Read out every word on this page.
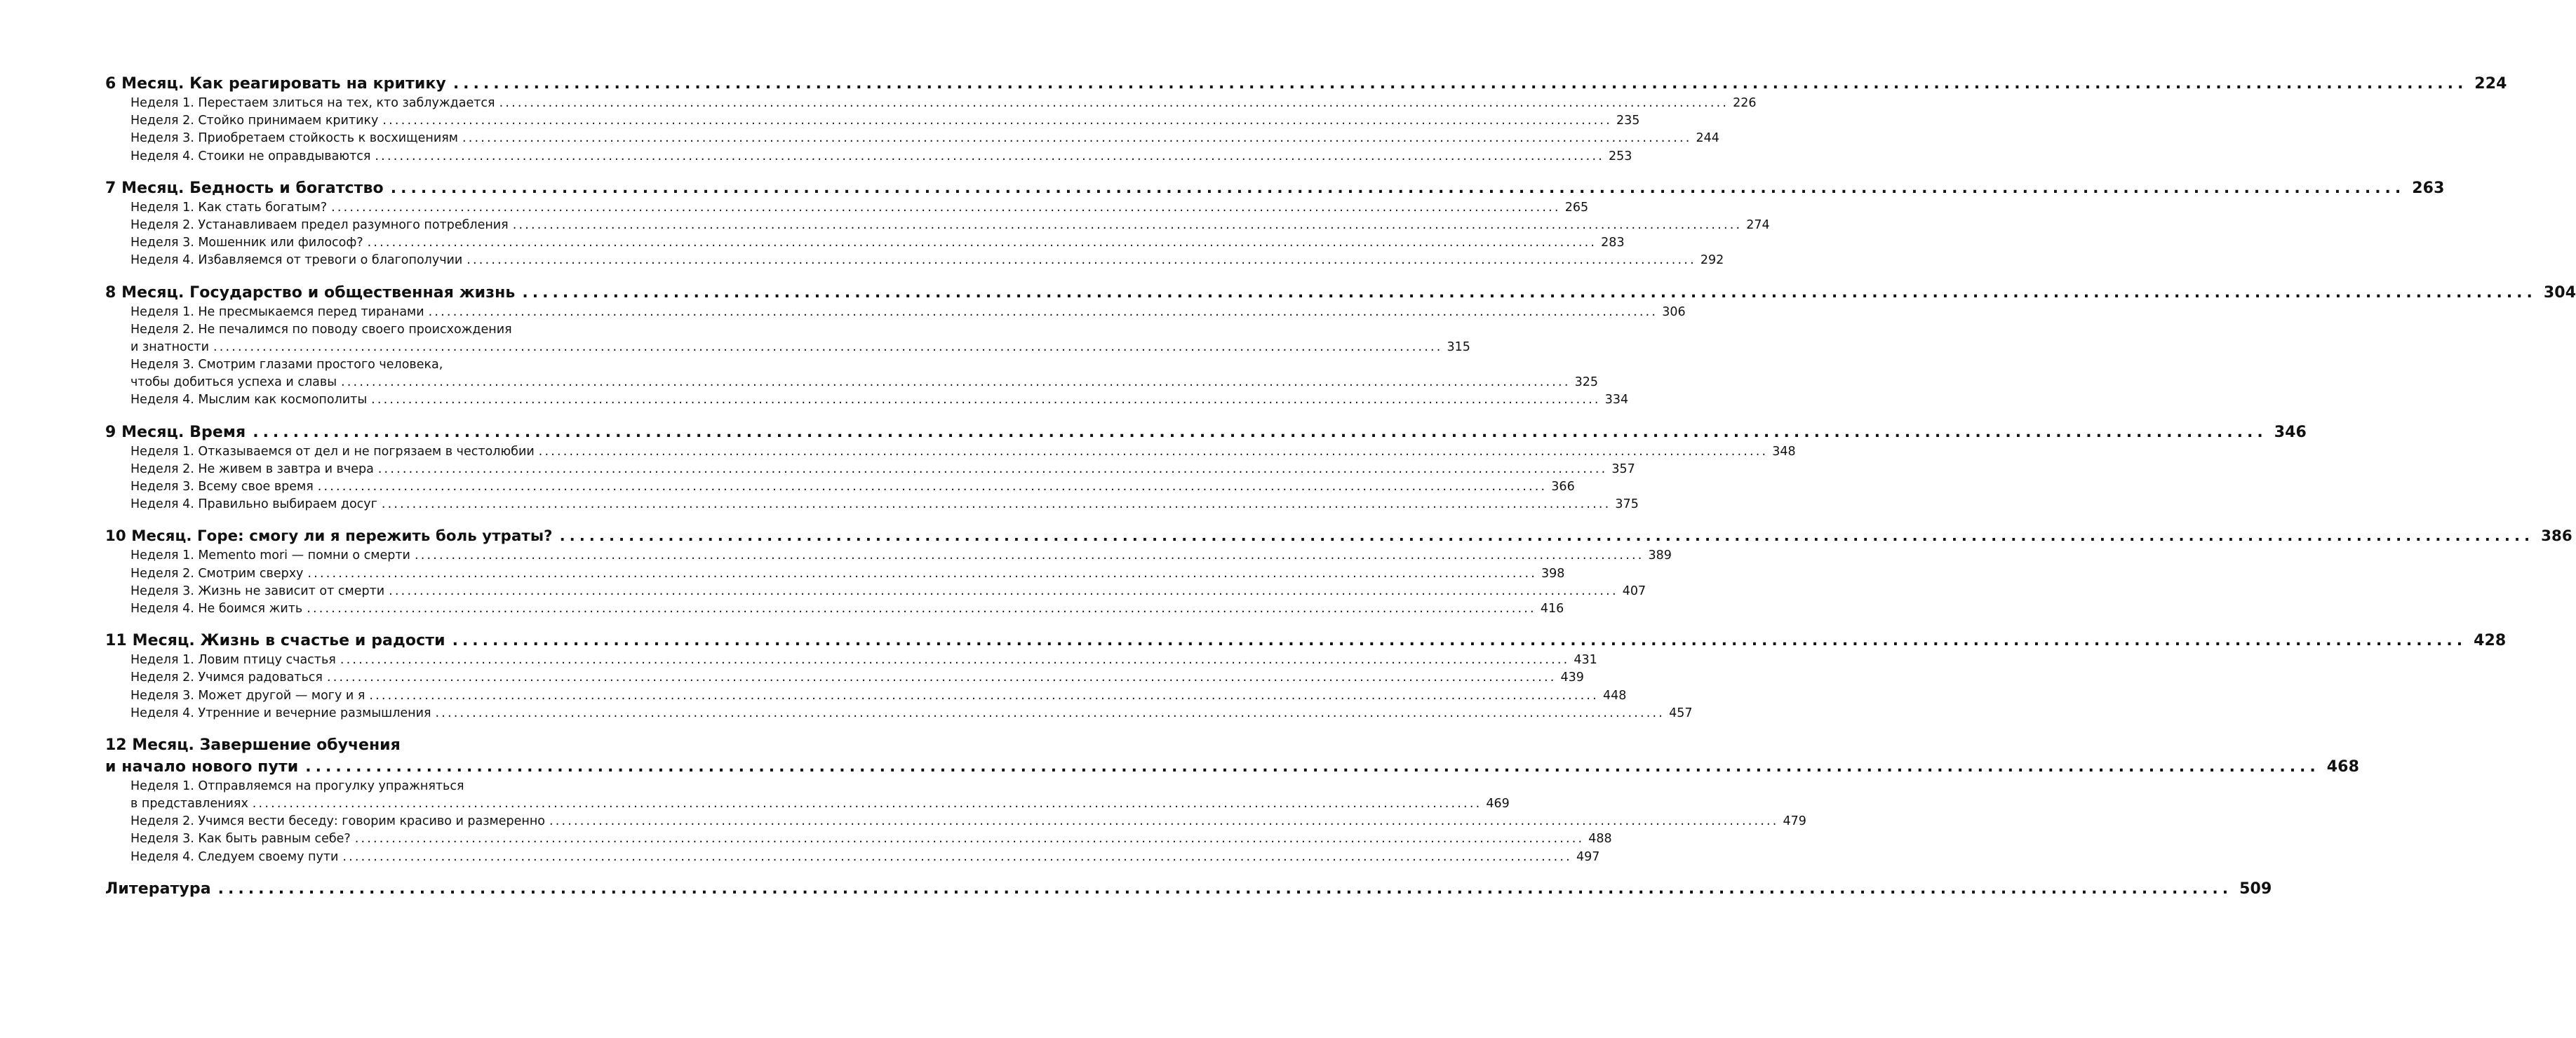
6 Месяц. Как реагировать на критику ........................................................................................................................................................................................................ 224
Неделя 1. Перестаем злиться на тех, кто заблуждается ........................................................................................................................................................................................................ 226
Неделя 2. Стойко принимаем критику ........................................................................................................................................................................................................ 235
Неделя 3. Приобретаем стойкость к восхищениям ........................................................................................................................................................................................................ 244
Неделя 4. Стоики не оправдываются ........................................................................................................................................................................................................ 253
7 Месяц. Бедность и богатство ........................................................................................................................................................................................................ 263
Неделя 1. Как стать богатым? ........................................................................................................................................................................................................ 265
Неделя 2. Устанавливаем предел разумного потребления ........................................................................................................................................................................................................ 274
Неделя 3. Мошенник или философ? ........................................................................................................................................................................................................ 283
Неделя 4. Избавляемся от тревоги о благополучии ........................................................................................................................................................................................................ 292
8 Месяц. Государство и общественная жизнь ........................................................................................................................................................................................................ 304
Неделя 1. Не пресмыкаемся перед тиранами ........................................................................................................................................................................................................ 306
Неделя 2. Не печалимся по поводу своего происхождения
и знатности ........................................................................................................................................................................................................ 315
Неделя 3. Смотрим глазами простого человека,
чтобы добиться успеха и славы ........................................................................................................................................................................................................ 325
Неделя 4. Мыслим как космополиты ........................................................................................................................................................................................................ 334
9 Месяц. Время ........................................................................................................................................................................................................ 346
Неделя 1. Отказываемся от дел и не погрязаем в честолюбии ........................................................................................................................................................................................................ 348
Неделя 2. Не живем в завтра и вчера ........................................................................................................................................................................................................ 357
Неделя 3. Всему свое время ........................................................................................................................................................................................................ 366
Неделя 4. Правильно выбираем досуг ........................................................................................................................................................................................................ 375
10 Месяц. Горе: смогу ли я пережить боль утраты? ........................................................................................................................................................................................................ 386
Неделя 1. Memento mori — помни о смерти ........................................................................................................................................................................................................ 389
Неделя 2. Смотрим сверху ........................................................................................................................................................................................................ 398
Неделя 3. Жизнь не зависит от смерти ........................................................................................................................................................................................................ 407
Неделя 4. Не боимся жить ........................................................................................................................................................................................................ 416
11 Месяц. Жизнь в счастье и радости ........................................................................................................................................................................................................ 428
Неделя 1. Ловим птицу счастья ........................................................................................................................................................................................................ 431
Неделя 2. Учимся радоваться ........................................................................................................................................................................................................ 439
Неделя 3. Может другой — могу и я ........................................................................................................................................................................................................ 448
Неделя 4. Утренние и вечерние размышления ........................................................................................................................................................................................................ 457
12 Месяц. Завершение обучения
и начало нового пути ........................................................................................................................................................................................................ 468
Неделя 1. Отправляемся на прогулку упражняться
в представлениях ........................................................................................................................................................................................................ 469
Неделя 2. Учимся вести беседу: говорим красиво и размеренно ........................................................................................................................................................................................................ 479
Неделя 3. Как быть равным себе? ........................................................................................................................................................................................................ 488
Неделя 4. Следуем своему пути ........................................................................................................................................................................................................ 497
Литература ........................................................................................................................................................................................................ 509
